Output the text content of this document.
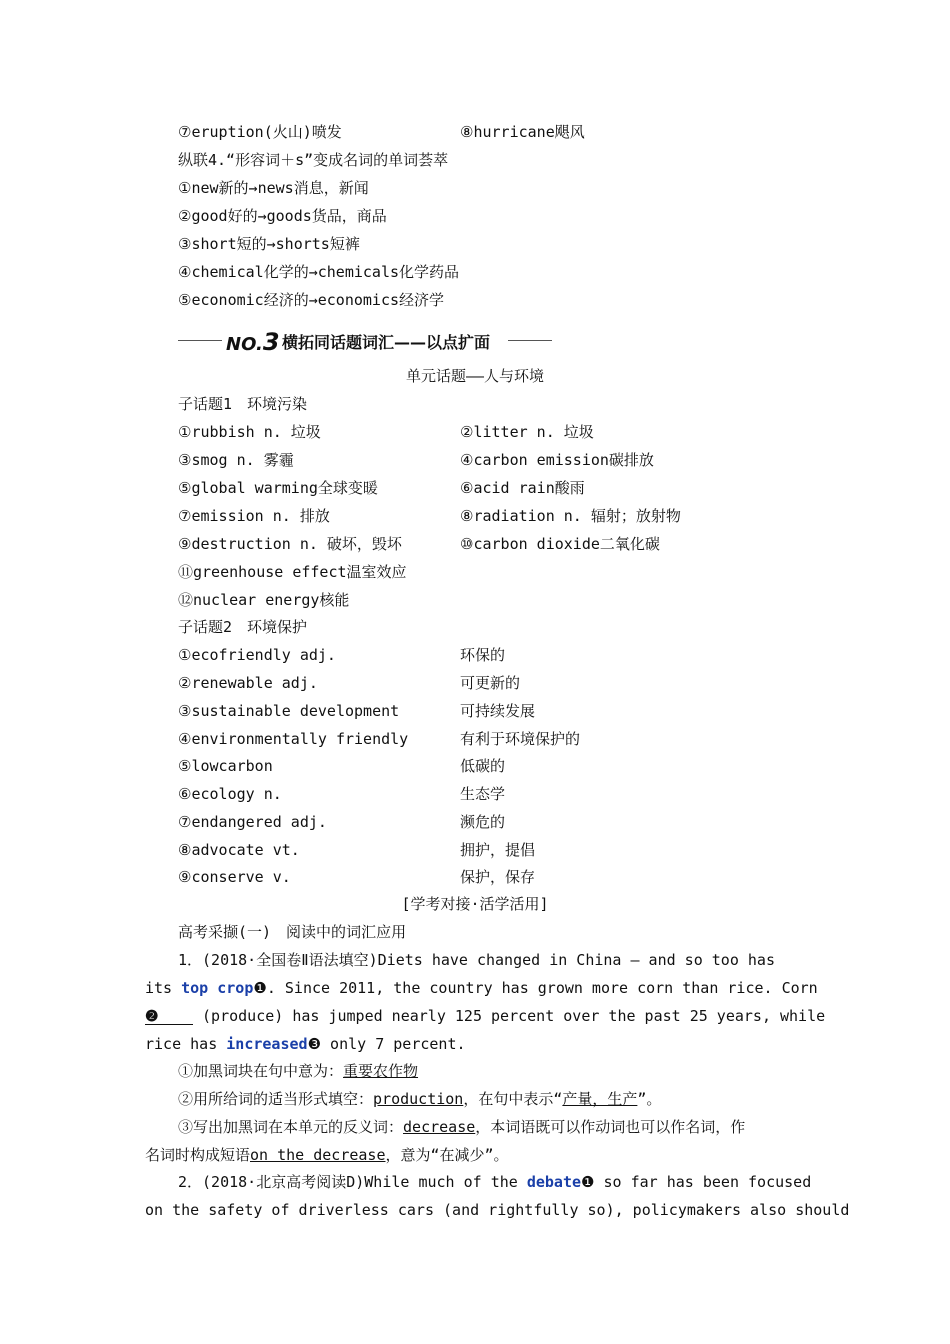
⑦eruption(火山)喷发	⑧hurricane飓风
纵联4.“形容词＋s”变成名词的单词荟萃
①new新的→news消息，新闻
②good好的→goods货品，商品
③short短的→shorts短裤
④chemical化学的→chemicals化学药品
⑤economic经济的→economics经济学
NO.3 横拓同话题词汇——以点扩面
单元话题——人与环境
子话题1　环境污染
①rubbish n. 垃圾	②litter n. 垃圾
③smog n. 雾霾	④carbon emission碳排放
⑤global warming全球变暖	⑥acid rain酸雨
⑦emission n. 排放	⑧radiation n. 辐射；放射物
⑨destruction n. 破坏，毁坏	⑩carbon dioxide二氧化碳
⑪greenhouse effect温室效应
⑫nuclear energy核能
子话题2　环境保护
①ecofriendly adj.	环保的
②renewable adj.	可更新的
③sustainable development	可持续发展
④environmentally friendly	有利于环境保护的
⑤lowcarbon	低碳的
⑥ecology n.	生态学
⑦endangered adj.	濒危的
⑧advocate vt.	拥护，提倡
⑨conserve v.	保护，保存
[学考对接·活学活用]
高考采撷(一)　阅读中的词汇应用
1．(2018·全国卷Ⅱ语法填空)Diets have changed in China — and so too has
its top crop❶. Since 2011, the country has grown more corn than rice. Corn
❷	(produce) has jumped nearly 125 percent over the past 25 years, while
rice has increased❸ only 7 percent.
①加黑词块在句中意为：重要农作物
②用所给词的适当形式填空：production，在句中表示“产量，生产”。
③写出加黑词在本单元的反义词：decrease，本词语既可以作动词也可以作名词，作
名词时构成短语on the decrease，意为“在减少”。
2．(2018·北京高考阅读D)While much of the debate❶ so far has been focused
on the safety of driverless cars (and rightfully so), policymakers also should
